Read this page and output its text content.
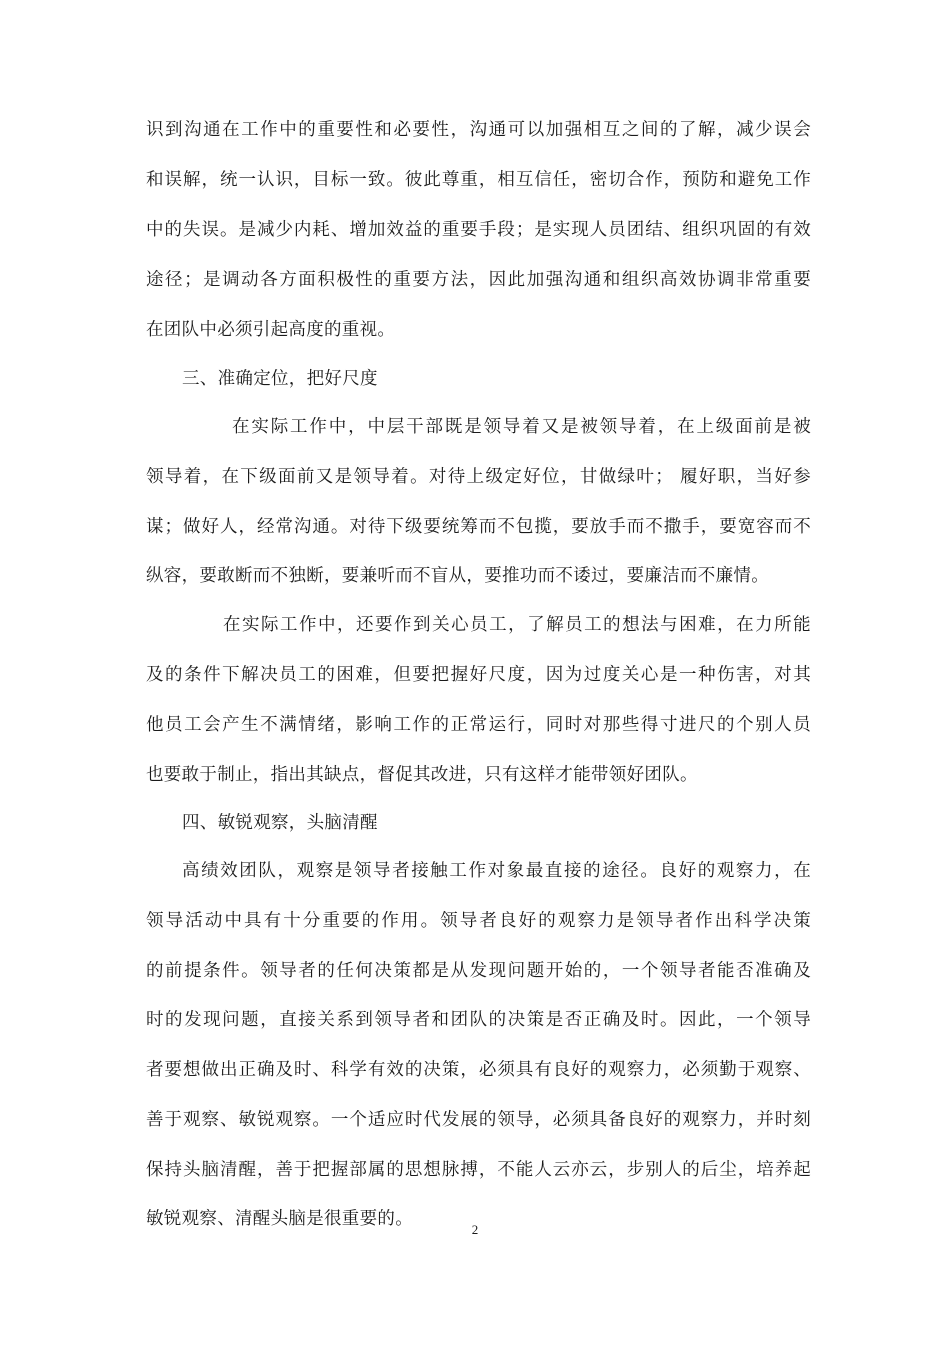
识到沟通在工作中的重要性和必要性，沟通可以加强相互之间的了解，减少误会
和误解，统一认识，目标一致。彼此尊重，相互信任，密切合作，预防和避免工作
中的失误。是减少内耗、增加效益的重要手段；是实现人员团结、组织巩固的有效
途径；是调动各方面积极性的重要方法，因此加强沟通和组织高效协调非常重要
在团队中必须引起高度的重视。
三、准确定位，把好尺度
在实际工作中，中层干部既是领导着又是被领导着，在上级面前是被
领导着，在下级面前又是领导着。对待上级定好位，甘做绿叶； 履好职，当好参
谋；做好人，经常沟通。对待下级要统筹而不包揽，要放手而不撒手，要宽容而不
纵容，要敢断而不独断，要兼听而不盲从，要推功而不诿过，要廉洁而不廉情。
在实际工作中，还要作到关心员工，了解员工的想法与困难，在力所能
及的条件下解决员工的困难，但要把握好尺度，因为过度关心是一种伤害，对其
他员工会产生不满情绪，影响工作的正常运行，同时对那些得寸进尺的个别人员
也要敢于制止，指出其缺点，督促其改进，只有这样才能带领好团队。
四、敏锐观察，头脑清醒
高绩效团队，观察是领导者接触工作对象最直接的途径。良好的观察力，在
领导活动中具有十分重要的作用。领导者良好的观察力是领导者作出科学决策
的前提条件。领导者的任何决策都是从发现问题开始的，一个领导者能否准确及
时的发现问题，直接关系到领导者和团队的决策是否正确及时。因此，一个领导
者要想做出正确及时、科学有效的决策，必须具有良好的观察力，必须勤于观察、
善于观察、敏锐观察。一个适应时代发展的领导，必须具备良好的观察力，并时刻
保持头脑清醒，善于把握部属的思想脉搏，不能人云亦云，步别人的后尘，培养起
敏锐观察、清醒头脑是很重要的。
2
